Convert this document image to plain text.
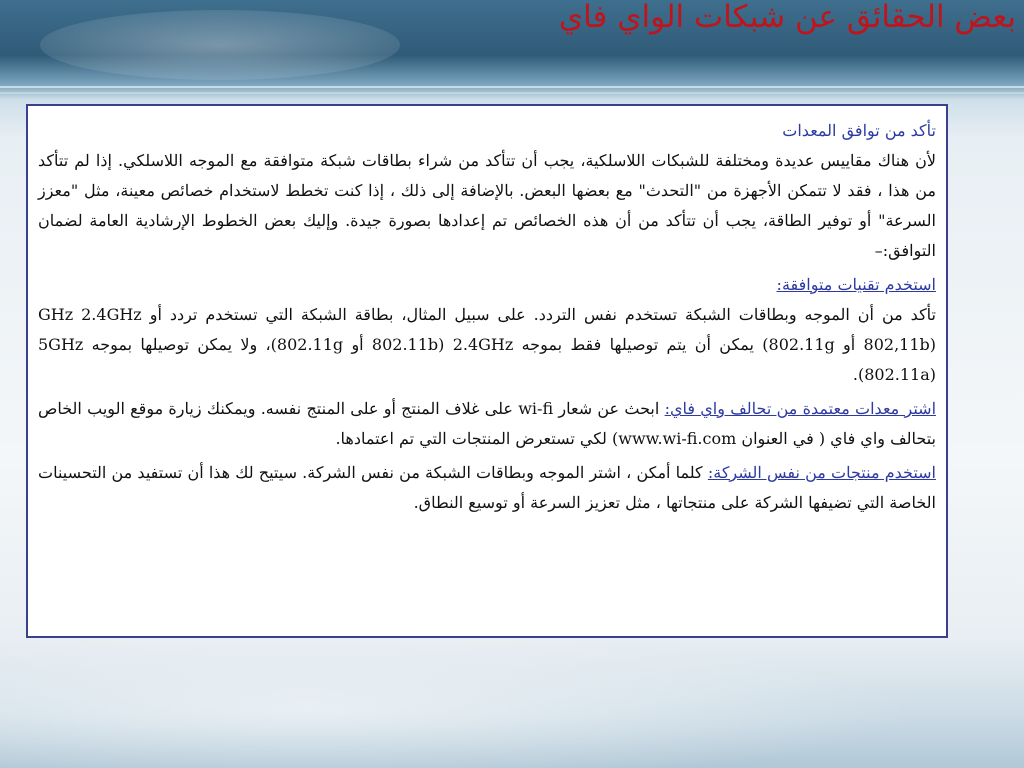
بعض الحقائق عن شبكات الواي فاي

تأكد من توافق المعدات

لأن هناك مقاييس عديدة ومختلفة للشبكات اللاسلكية، يجب أن تتأكد من شراء بطاقات شبكة متوافقة مع الموجه اللاسلكي. إذا لم تتأكد من هذا ، فقد لا تتمكن الأجهزة من "التحدث" مع بعضها البعض. بالإضافة إلى ذلك ، إذا كنت تخطط لاستخدام خصائص معينة، مثل "معزز السرعة" أو توفير الطاقة، يجب أن تتأكد من أن هذه الخصائص تم إعدادها بصورة جيدة. وإليك بعض الخطوط الإرشادية العامة لضمان التوافق:–

استخدم تقنيات متوافقة:

تأكد من أن الموجه وبطاقات الشبكة تستخدم نفس التردد. على سبيل المثال، بطاقة الشبكة التي تستخدم تردد أو GHz 2.4GHz (802,11b أو 802.11g) يمكن أن يتم توصيلها فقط بموجه 2.4GHz (802.11b أو 802.11g)، ولا يمكن توصيلها بموجه 5GHz (802.11a).

اشتر معدات معتمدة من تحالف واي فاي: ابحث عن شعار wi-fi على غلاف المنتج أو على المنتج نفسه. ويمكنك زيارة موقع الويب الخاص بتحالف واي فاي ( في العنوان www.wi-fi.com) لكي تستعرض المنتجات التي تم اعتمادها.

استخدم منتجات من نفس الشركة: كلما أمكن ، اشتر الموجه وبطاقات الشبكة من نفس الشركة. سيتيح لك هذا أن تستفيد من التحسينات الخاصة التي تضيفها الشركة على منتجاتها ، مثل تعزيز السرعة أو توسيع النطاق.
